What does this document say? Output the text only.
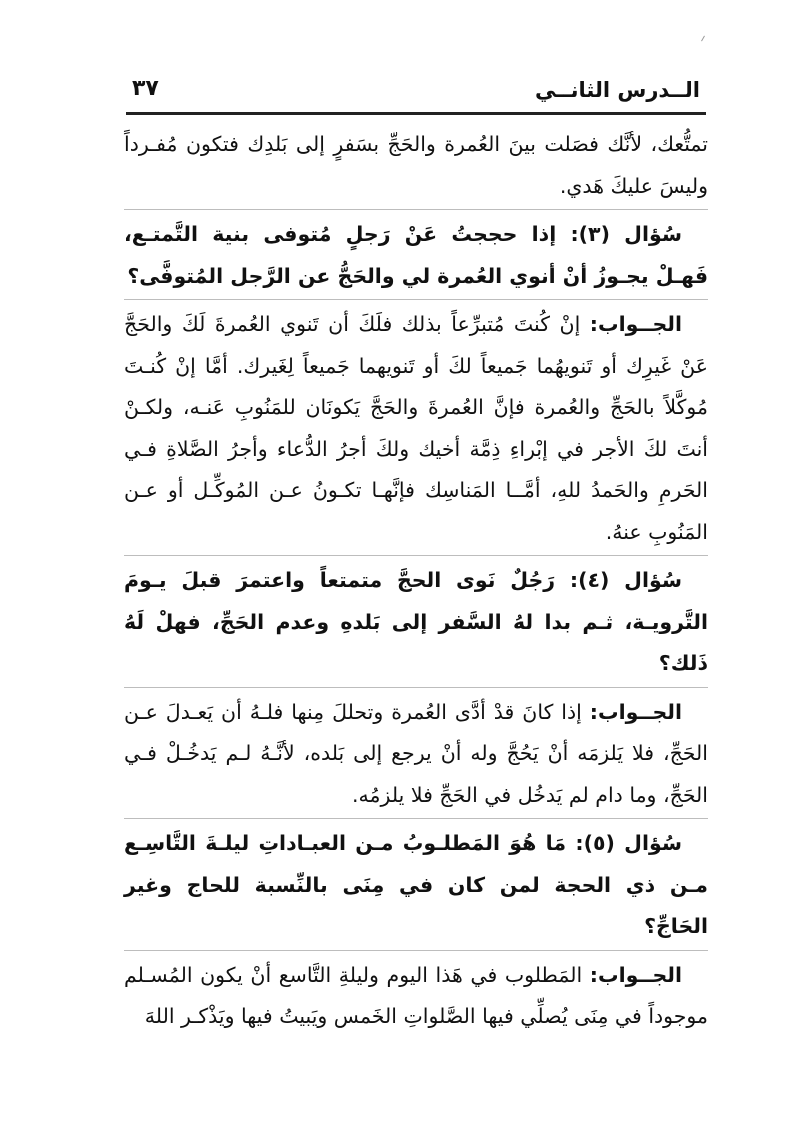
الــدرس الثانــي
٣٧

تمتُّعك، لأنَّك فصَلت بينَ العُمرة والحَجِّ بسَفرٍ إلى بَلدِك فتكون مُفـرداً وليسَ عليكَ هَدي.

سُؤال (٣): إذا حججتُ عَنْ رَجلٍ مُتوفى بنية التَّمتـع، فَهـلْ يجـوزُ أنْ أنوي العُمرة لي والحَجُّ عن الرَّجل المُتوفَّى؟

الجــواب: إنْ كُنتَ مُتبرِّعاً بذلك فلَكَ أن تَنوي العُمرةَ لَكَ والحَجَّ عَنْ غَيرِك أو تَنويهُما جَميعاً لكَ أو تَنويهما جَميعاً لِغَيرك. أمَّا إنْ كُنـتَ مُوكَّلاً بالحَجِّ والعُمرة فإنَّ العُمرةَ والحَجَّ يَكونَان للمَنُوبِ عَنـه، ولكـنْ أنتَ لكَ الأجر في إبْراءِ ذِمَّة أخيك ولكَ أجرُ الدُّعاء وأجرُ الصَّلاةِ فـي الحَرمِ والحَمدُ للهِ، أمَّــا المَناسِك فإنَّهـا تكـونُ عـن المُوكِّـل أو عـن المَنُوبِ عنهُ.

سُؤال (٤): رَجُلٌ نَوى الحجَّ متمتعاً واعتمرَ قبلَ يـومَ التَّرويـة، ثـم بدا لهُ السَّفر إلى بَلدهِ وعدم الحَجِّ، فهلْ لَهُ ذَلك؟

الجــواب: إذا كانَ قدْ أدَّى العُمرة وتحللَ مِنها فلـهُ أن يَعـدلَ عـن الحَجِّ، فلا يَلزمَه أنْ يَحُجَّ وله أنْ يرجع إلى بَلده، لأنَّـهُ لـم يَدخُـلْ فـي الحَجِّ، وما دام لم يَدخُل في الحَجِّ فلا يلزمُه.

سُؤال (٥): مَا هُوَ المَطلـوبُ مـن العبـاداتِ ليلـةَ التَّاسِـع مـن ذي الحجة لمن كان في مِنَى بالنِّسبة للحاج وغير الحَاجِّ؟

الجــواب: المَطلوب في هَذا اليوم وليلةِ التَّاسع أنْ يكون المُسـلم موجوداً في مِنَى يُصلِّي فيها الصَّلواتِ الخَمس ويَبيتُ فيها ويَذْكـر اللهَ
